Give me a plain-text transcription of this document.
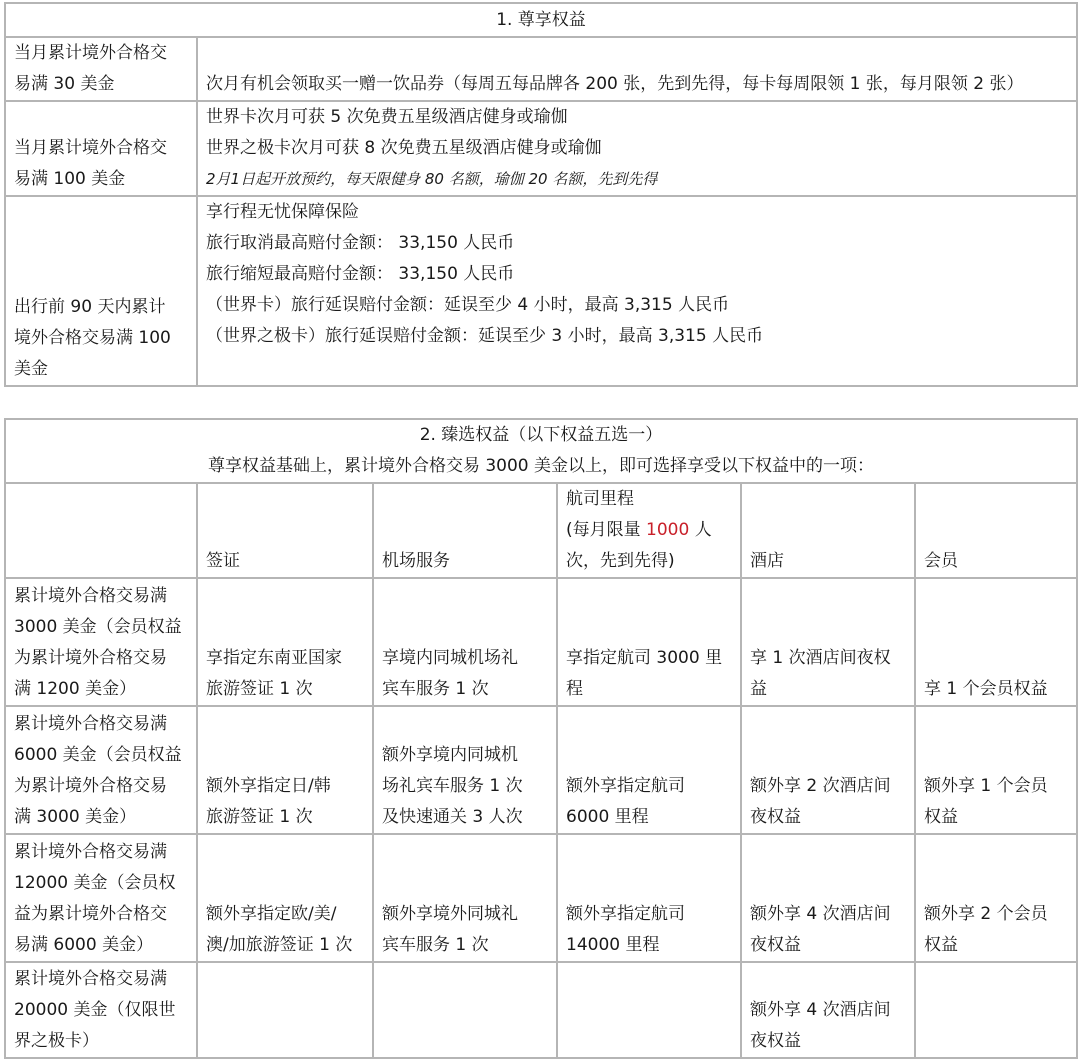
1. 尊享权益	

当月累计境外合格交
易满 30 美金	次月有机会领取买一赠一饮品券（每周五每品牌各 200 张，先到先得，每卡每周限领 1 张，每月限领 2 张）

当月累计境外合格交
易满 100 美金	世界卡次月可获 5 次免费五星级酒店健身或瑜伽
世界之极卡次月可获 8 次免费五星级酒店健身或瑜伽
2月1日起开放预约，每天限健身 80 名额，瑜伽 20 名额，先到先得

出行前 90 天内累计
境外合格交易满 100
美金	享行程无忧保障保险
旅行取消最高赔付金额： 33,150 人民币
旅行缩短最高赔付金额： 33,150 人民币
（世界卡）旅行延误赔付金额：延误至少 4 小时，最高 3,315 人民币
（世界之极卡）旅行延误赔付金额：延误至少 3 小时，最高 3,315 人民币
2. 臻选权益（以下权益五选一）
尊享权益基础上，累计境外合格交易 3000 美金以上，即可选择享受以下权益中的一项：					

	签证	机场服务	航司里程
(每月限量 1000 人
次，先到先得)	酒店	会员

累计境外合格交易满
3000 美金（会员权益
为累计境外合格交易
满 1200 美金）	享指定东南亚国家
旅游签证 1 次	享境内同城机场礼
宾车服务 1 次	享指定航司 3000 里
程	享 1 次酒店间夜权
益	享 1 个会员权益

累计境外合格交易满
6000 美金（会员权益
为累计境外合格交易
满 3000 美金）	额外享指定日/韩
旅游签证 1 次	额外享境内同城机
场礼宾车服务 1 次
及快速通关 3 人次	额外享指定航司
6000 里程	额外享 2 次酒店间
夜权益	额外享 1 个会员
权益

累计境外合格交易满
12000 美金（会员权
益为累计境外合格交
易满 6000 美金）	额外享指定欧/美/
澳/加旅游签证 1 次	额外享境外同城礼
宾车服务 1 次	额外享指定航司
14000 里程	额外享 4 次酒店间
夜权益	额外享 2 个会员
权益

累计境外合格交易满
20000 美金（仅限世
界之极卡）				额外享 4 次酒店间
夜权益	
